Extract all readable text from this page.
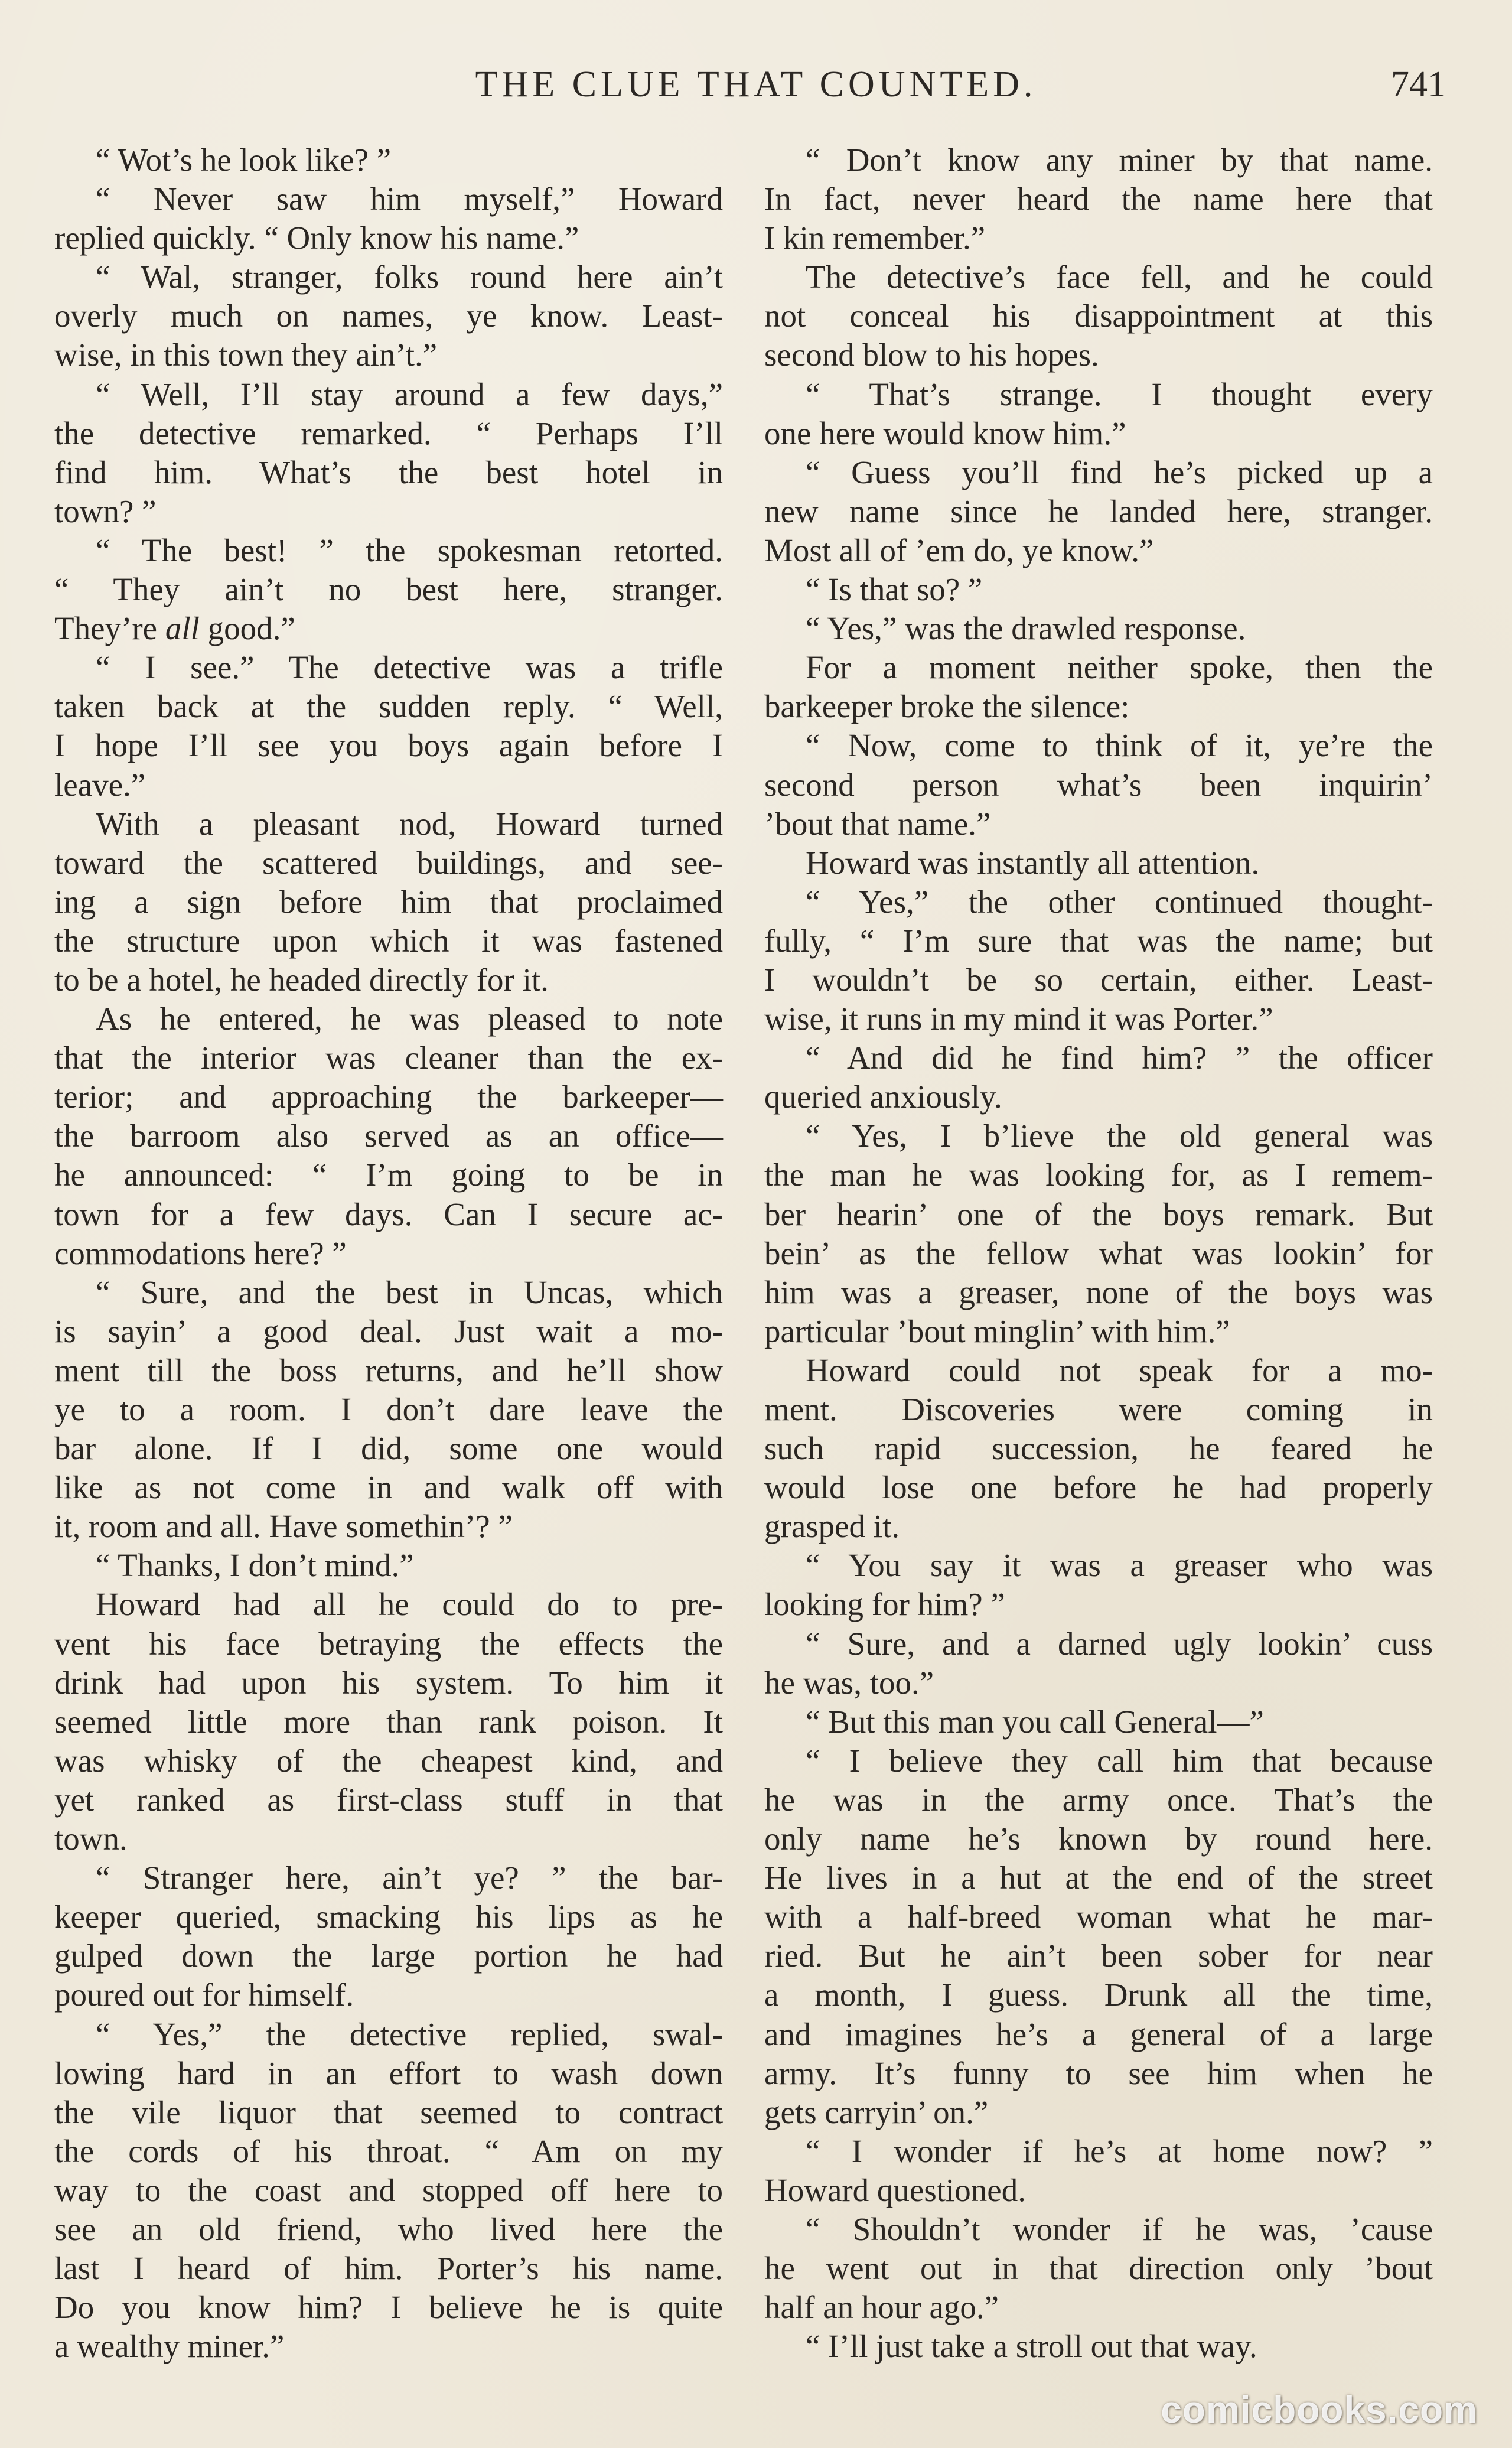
THE CLUE THAT COUNTED.	741
“ Wot’s he look like? ”
“ Never saw him myself,” Howard
replied quickly. “ Only know his name.”
“ Wal, stranger, folks round here ain’t
overly much on names, ye know. Least-
wise, in this town they ain’t.”
“ Well, I’ll stay around a few days,”
the detective remarked. “ Perhaps I’ll
find him. What’s the best hotel in
town? ”
“ The best! ” the spokesman retorted.
“ They ain’t no best here, stranger.
They’re all good.”
“ I see.” The detective was a trifle
taken back at the sudden reply. “ Well,
I hope I’ll see you boys again before I
leave.”
With a pleasant nod, Howard turned
toward the scattered buildings, and see-
ing a sign before him that proclaimed
the structure upon which it was fastened
to be a hotel, he headed directly for it.
As he entered, he was pleased to note
that the interior was cleaner than the ex-
terior; and approaching the barkeeper—
the barroom also served as an office—
he announced: “ I’m going to be in
town for a few days. Can I secure ac-
commodations here? ”
“ Sure, and the best in Uncas, which
is sayin’ a good deal. Just wait a mo-
ment till the boss returns, and he’ll show
ye to a room. I don’t dare leave the
bar alone. If I did, some one would
like as not come in and walk off with
it, room and all. Have somethin’? ”
“ Thanks, I don’t mind.”
Howard had all he could do to pre-
vent his face betraying the effects the
drink had upon his system. To him it
seemed little more than rank poison. It
was whisky of the cheapest kind, and
yet ranked as first-class stuff in that
town.
“ Stranger here, ain’t ye? ” the bar-
keeper queried, smacking his lips as he
gulped down the large portion he had
poured out for himself.
“ Yes,” the detective replied, swal-
lowing hard in an effort to wash down
the vile liquor that seemed to contract
the cords of his throat. “ Am on my
way to the coast and stopped off here to
see an old friend, who lived here the
last I heard of him. Porter’s his name.
Do you know him? I believe he is quite
a wealthy miner.”
“ Don’t know any miner by that name.
In fact, never heard the name here that
I kin remember.”
The detective’s face fell, and he could
not conceal his disappointment at this
second blow to his hopes.
“ That’s strange. I thought every
one here would know him.”
“ Guess you’ll find he’s picked up a
new name since he landed here, stranger.
Most all of ’em do, ye know.”
“ Is that so? ”
“ Yes,” was the drawled response.
For a moment neither spoke, then the
barkeeper broke the silence:
“ Now, come to think of it, ye’re the
second person what’s been inquirin’
’bout that name.”
Howard was instantly all attention.
“ Yes,” the other continued thought-
fully, “ I’m sure that was the name; but
I wouldn’t be so certain, either. Least-
wise, it runs in my mind it was Porter.”
“ And did he find him? ” the officer
queried anxiously.
“ Yes, I b’lieve the old general was
the man he was looking for, as I remem-
ber hearin’ one of the boys remark. But
bein’ as the fellow what was lookin’ for
him was a greaser, none of the boys was
particular ’bout minglin’ with him.”
Howard could not speak for a mo-
ment. Discoveries were coming in
such rapid succession, he feared he
would lose one before he had properly
grasped it.
“ You say it was a greaser who was
looking for him? ”
“ Sure, and a darned ugly lookin’ cuss
he was, too.”
“ But this man you call General—”
“ I believe they call him that because
he was in the army once. That’s the
only name he’s known by round here.
He lives in a hut at the end of the street
with a half-breed woman what he mar-
ried. But he ain’t been sober for near
a month, I guess. Drunk all the time,
and imagines he’s a general of a large
army. It’s funny to see him when he
gets carryin’ on.”
“ I wonder if he’s at home now? ”
Howard questioned.
“ Shouldn’t wonder if he was, ’cause
he went out in that direction only ’bout
half an hour ago.”
“ I’ll just take a stroll out that way.
comicbooks.com
